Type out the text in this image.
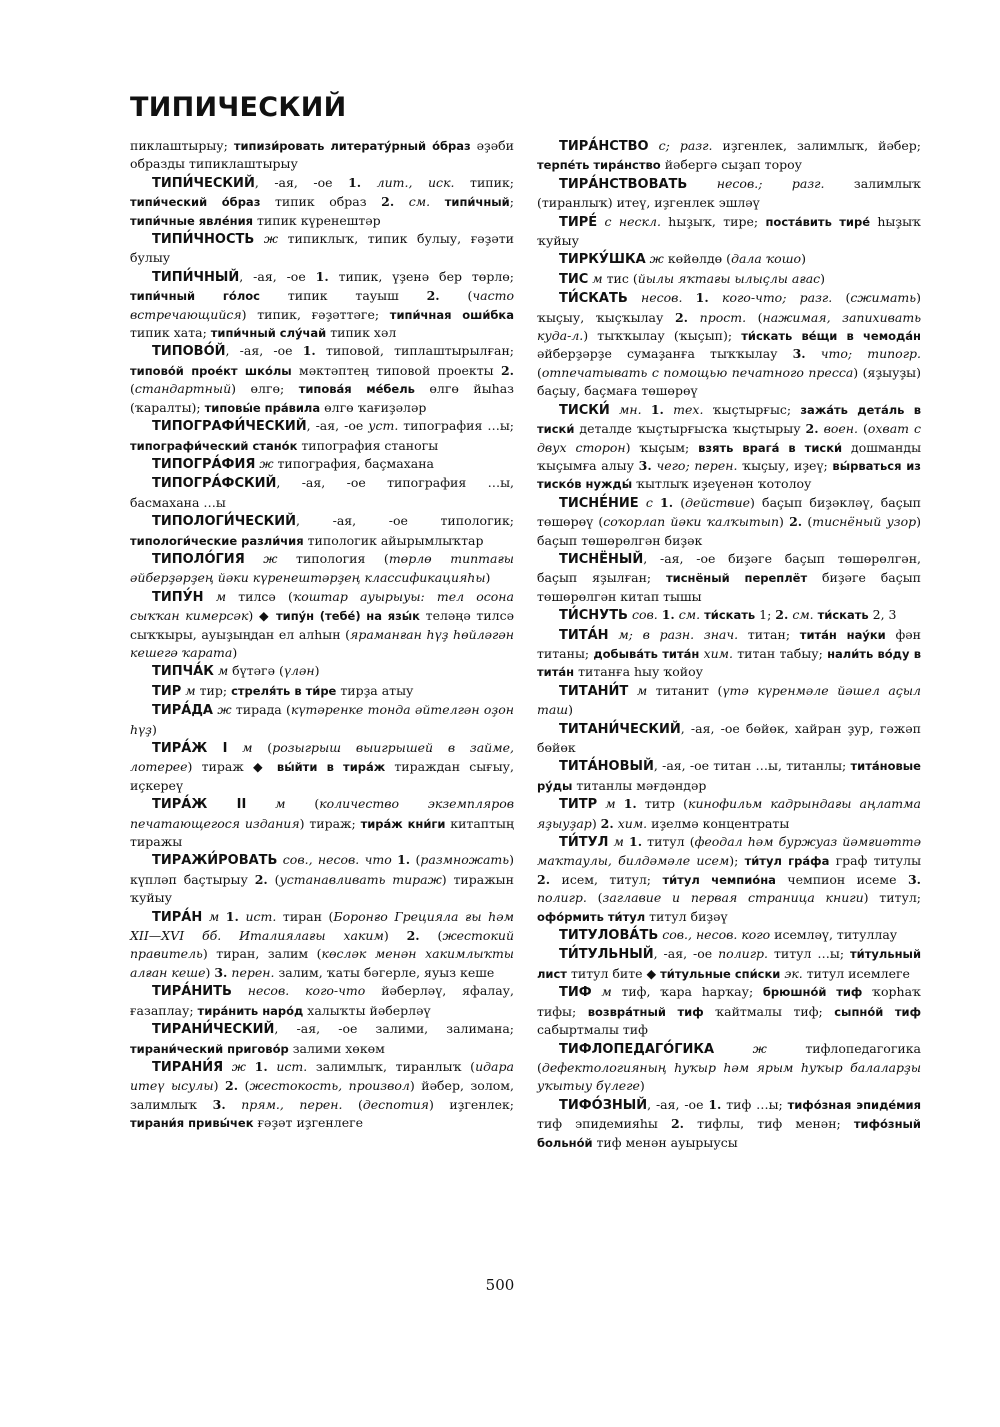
ТИПИЧЕСКИЙ

пиклаштырыу; типизи́ровать литерату́рный о́браз әҙәби образды типиклаштырыу

ТИПИ́ЧЕСКИЙ, -ая, -ое 1. лит., иск. типик; типи́ческий о́браз типик образ 2. см. типи́чный; типи́чные явле́ния типик күренештәр

ТИПИ́ЧНОСТЬ ж типиклыҡ, типик булыу, ғәҙәти булыу

ТИПИ́ЧНЫЙ, -ая, -ое 1. типик, үҙенә бер төрлө; типи́чный го́лос типик тауыш 2. (часто встречающийся) типик, ғәҙәттәге; типи́чная оши́бка типик хата; типи́чный слу́чай типик хәл

ТИПОВО́Й, -ая, -ое 1. типовой, типлаштырылған; типово́й прое́кт шко́лы мәктәптең типовой проекты 2. (стандартный) өлгө; типова́я ме́бель өлгө йыһаз (ҡаралты); типовы́е пра́вила өлгө ҡағиҙәләр

ТИПОГРАФИ́ЧЕСКИЙ, -ая, -ое уст. типография …ы; типографи́ческий стано́к типография станогы

ТИПОГРА́ФИЯ ж типография, баҫмахана

ТИПОГРА́ФСКИЙ, -ая, -ое типография …ы, басмахана …ы

ТИПОЛОГИ́ЧЕСКИЙ, -ая, -ое типологик; типологи́ческие разли́чия типологик айырымлыҡтар

ТИПОЛО́ГИЯ ж типология (төрлө типтағы әйберҙәрҙең йәки күренештәрҙең классификацияһы)

ТИПУ́Н м тилсә (ҡоштар ауырыуы: тел осона сыҡҡан кимерсәк) ◆ типу́н (тебе́) на язы́к теләңә тилсә сыҡҡыры, ауыҙыңдан ел алһын (яраманған һүҙ һөйләгән кешегә ҡарата)

ТИПЧА́К м бүтәгә (үлән)

ТИР м тир; стреля́ть в ти́ре тирҙа атыу

ТИРА́ДА ж тирада (күтәренке тонда әйтелгән оҙон һүҙ)

ТИРА́Ж I м (розыгрыш выигрышей в займе, лотерее) тираж ◆ вы́йти в тира́ж тираждан сығыу, иҫкереү

ТИРА́Ж II м (количество экземпляров печатающегося издания) тираж; тира́ж кни́ги китаптың тиражы

ТИРАЖИ́РОВАТЬ сов., несов. что 1. (размножать) күпләп баҫтырыу 2. (устанавливать тираж) тиражын ҡуйыу

ТИРА́Н м 1. ист. тиран (Боронғо Грецияла ғы һәм XII—XVI бб. Италиялағы хаким) 2. (жестокий правитель) тиран, залим (көсләк менән хакимлыҡты алған кеше) 3. перен. залим, ҡаты бәгерле, яуыз кеше

ТИРА́НИТЬ несов. кого-что йәберләү, яфалау, ғазаплау; тира́нить наро́д халыҡты йәберләү

ТИРАНИ́ЧЕСКИЙ, -ая, -ое залими, залимана; тирани́ческий пригово́р залими хөкөм

ТИРАНИ́Я ж 1. ист. залимлыҡ, тиранлыҡ (идара итеү ысулы) 2. (жестокость, произвол) йәбер, золом, залимлыҡ 3. прям., перен. (деспотия) иҙгенлек; тирани́я привы́чек ғәҙәт иҙгенлеге

ТИРА́НСТВО с; разг. иҙгенлек, залимлыҡ, йәбер; терпе́ть тира́нство йәбергә сыҙап тороу

ТИРА́НСТВОВАТЬ несов.; разг. залимлыҡ (тиранлыҡ) итеү, иҙгенлек эшләү

ТИРЕ́ с нескл. һыҙыҡ, тире; поста́вить тире́ һыҙыҡ ҡуйыу

ТИРКУ́ШКА ж көйөлдө (дала ҡошо)

ТИС м тис (йылы яҡтағы ылыҫлы ағас)

ТИ́СКАТЬ несов. 1. кого-что; разг. (сжимать) ҡыҫыу, ҡыҫҡылау 2. прост. (нажимая, запихивать куда-л.) тыҡҡылау (ҡыҫып); ти́скать ве́щи в чемода́н әйберҙәрҙе сумаҙанға тыҡҡылау 3. что; типогр. (отпечатывать с помощью печатного пресса) (яҙыуҙы) баҫыу, баҫмаға төшөрөү

ТИСКИ́ мн. 1. тех. ҡыҫтырғыс; зажа́ть дета́ль в тиски́ деталде ҡыҫтырғысҡа ҡыҫтырыу 2. воен. (охват с двух сторон) ҡыҫым; взять врага́ в тиски́ дошманды ҡыҫымға алыу 3. чего; перен. ҡыҫыу, иҙеү; вы́рваться из тиско́в нужды́ ҡытлыҡ иҙеүенән ҡотолоу

ТИСНЕ́НИЕ с 1. (действие) баҫып биҙәкләү, баҫып төшөрөү (соҡорлап йәки ҡалҡытып) 2. (тиснёный узор) баҫып төшөрөлгән биҙәк

ТИСНЁНЫЙ, -ая, -ое биҙәге баҫып төшөрөлгән, баҫып яҙылған; тиснёный переплёт биҙәге баҫып төшөрөлгән китап тышы

ТИ́СНУТЬ сов. 1. см. ти́скать 1; 2. см. ти́скать 2, 3

ТИТА́Н м; в разн. знач. титан; тита́н нау́ки фән титаны; добыва́ть тита́н хим. титан табыу; нали́ть во́ду в тита́н титанға һыу ҡойоу

ТИТАНИ́Т м титанит (үтә күренмәле йәшел аҫыл таш)

ТИТАНИ́ЧЕСКИЙ, -ая, -ое бөйөк, хайран ҙур, гәжәп бөйөк

ТИТА́НОВЫЙ, -ая, -ое титан …ы, титанлы; тита́новые ру́ды титанлы мәғдәндәр

ТИТР м 1. титр (кинофильм кадрындағы аңлатма яҙыуҙар) 2. хим. иҙелмә концентраты

ТИ́ТУЛ м 1. титул (феодал һәм буржуаз йәмғиәттә маҡтаулы, билдәмәле исем); ти́тул гра́фа граф титулы 2. исем, титул; ти́тул чемпио́на чемпион исеме 3. полигр. (заглавие и первая страница книги) титул; офо́рмить ти́тул титул биҙәү

ТИТУЛОВА́ТЬ сов., несов. кого исемләү, титуллау

ТИ́ТУЛЬНЫЙ, -ая, -ое полигр. титул …ы; ти́тульный лист титул бите ◆ ти́тульные спи́ски эк. титул исемлеге

ТИФ м тиф, ҡара һарҡау; брюшно́й тиф ҡорһаҡ тифы; возвра́тный тиф ҡайтмалы тиф; сыпно́й тиф сабыртмалы тиф

ТИФЛОПЕДАГО́ГИКА	ж тифлопедагогика (дефектологияның һуҡыр һәм ярым һуҡыр балаларҙы уҡытыу бүлеге)

ТИФО́ЗНЫЙ, -ая, -ое 1. тиф …ы; тифо́зная эпиде́мия тиф эпидемияһы 2. тифлы, тиф менән; тифо́зный больно́й тиф менән ауырыусы

500
